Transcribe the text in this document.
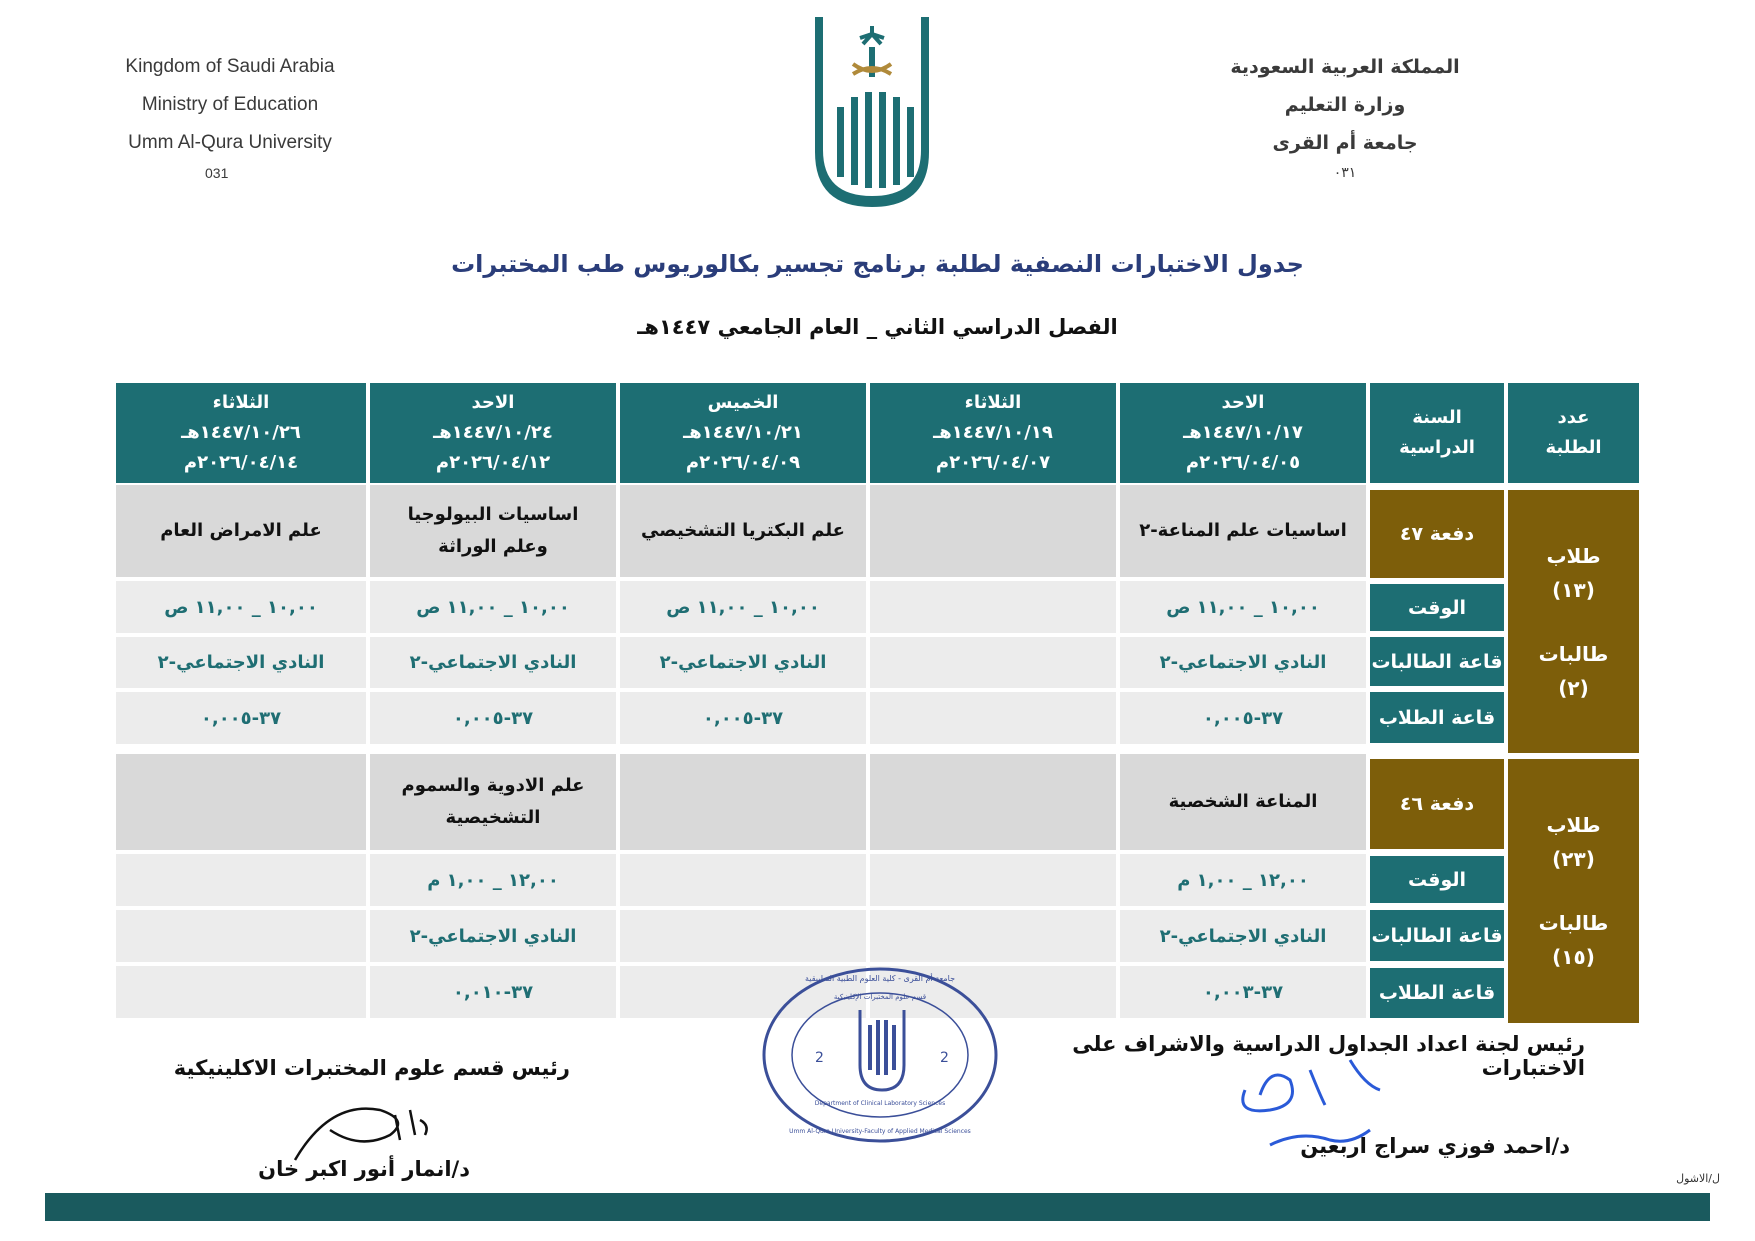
Kingdom of Saudi Arabia
Ministry of Education
Umm Al-Qura University
031
المملكة العربية السعودية
وزارة التعليم
جامعة أم القرى
٠٣١
جدول الاختبارات النصفية لطلبة برنامج تجسير بكالوريوس طب المختبرات
الفصل الدراسي الثاني _ العام الجامعي ١٤٤٧هـ
عدد الطلبة
السنة الدراسية
الاحد
١٤٤٧/١٠/١٧هـ
٢٠٢٦/٠٤/٠٥م
الثلاثاء
١٤٤٧/١٠/١٩هـ
٢٠٢٦/٠٤/٠٧م
الخميس
١٤٤٧/١٠/٢١هـ
٢٠٢٦/٠٤/٠٩م
الاحد
١٤٤٧/١٠/٢٤هـ
٢٠٢٦/٠٤/١٢م
الثلاثاء
١٤٤٧/١٠/٢٦هـ
٢٠٢٦/٠٤/١٤م
طلاب
(١٣)
طالبات
(٢)
دفعة ٤٧
الوقت
قاعة الطالبات
قاعة الطلاب
اساسيات علم المناعة-٢
علم البكتريا التشخيصي
اساسيات البيولوجيا وعلم الوراثة
علم الامراض العام
١٠,٠٠ _ ١١,٠٠ ص
١٠,٠٠ _ ١١,٠٠ ص
١٠,٠٠ _ ١١,٠٠ ص
١٠,٠٠ _ ١١,٠٠ ص
النادي الاجتماعي-٢
النادي الاجتماعي-٢
النادي الاجتماعي-٢
النادي الاجتماعي-٢
٣٧-٠,٠٠٥
٣٧-٠,٠٠٥
٣٧-٠,٠٠٥
٣٧-٠,٠٠٥
طلاب
(٢٣)
طالبات
(١٥)
دفعة ٤٦
الوقت
قاعة الطالبات
قاعة الطلاب
المناعة الشخصية
علم الادوية والسموم التشخيصية
١٢,٠٠ _ ١,٠٠ م
١٢,٠٠ _ ١,٠٠ م
النادي الاجتماعي-٢
النادي الاجتماعي-٢
٣٧-٠,٠٠٣
٣٧-٠,٠١٠
2	2
جامعة أم القرى - كلية العلوم الطبية التطبيقية
قسم علوم المختبرات الإكلينيكية
Department of Clinical Laboratory Sciences
Umm Al-Qura University-Faculty of Applied Medical Sciences
رئيس لجنة اعداد الجداول الدراسية والاشراف على الاختبارات
د/احمد فوزي سراج اربعين
رئيس قسم علوم المختبرات الاكلينيكية
د/انمار أنور اكبر خان	ل/الاشول
